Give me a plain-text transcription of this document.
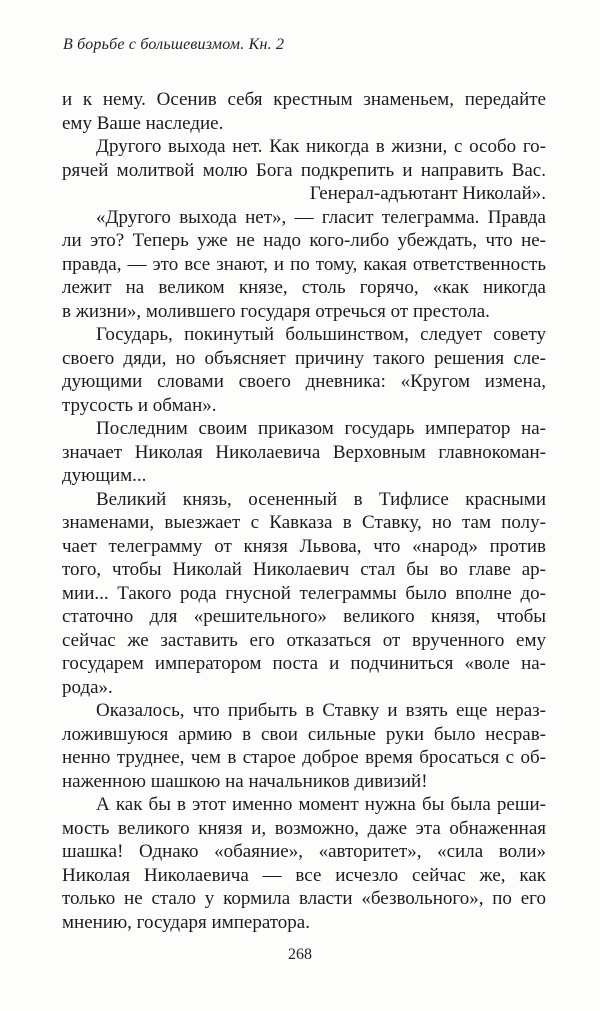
В борьбе с большевизмом. Кн. 2
и к нему. Осенив себя крестным знаменьем, передайте
ему Ваше наследие.
Другого выхода нет. Как никогда в жизни, с особо го-
рячей молитвой молю Бога подкрепить и направить Вас.
Генерал-адъютант Николай».
«Другого выхода нет», — гласит телеграмма. Правда
ли это? Теперь уже не надо кого-либо убеждать, что не-
правда, — это все знают, и по тому, какая ответственность
лежит на великом князе, столь горячо, «как никогда
в жизни», молившего государя отречься от престола.
Государь, покинутый большинством, следует совету
своего дяди, но объясняет причину такого решения сле-
дующими словами своего дневника: «Кругом измена,
трусость и обман».
Последним своим приказом государь император на-
значает Николая Николаевича Верховным главнокоман-
дующим...
Великий князь, осененный в Тифлисе красными
знаменами, выезжает с Кавказа в Ставку, но там полу-
чает телеграмму от князя Львова, что «народ» против
того, чтобы Николай Николаевич стал бы во главе ар-
мии... Такого рода гнусной телеграммы было вполне до-
статочно для «решительного» великого князя, чтобы
сейчас же заставить его отказаться от врученного ему
государем императором поста и подчиниться «воле на-
рода».
Оказалось, что прибыть в Ставку и взять еще нераз-
ложившуюся армию в свои сильные руки было несрав-
ненно труднее, чем в старое доброе время бросаться с об-
наженною шашкою на начальников дивизий!
А как бы в этот именно момент нужна бы была реши-
мость великого князя и, возможно, даже эта обнаженная
шашка! Однако «обаяние», «авторитет», «сила воли»
Николая Николаевича — все исчезло сейчас же, как
только не стало у кормила власти «безвольного», по его
мнению, государя императора.
268
